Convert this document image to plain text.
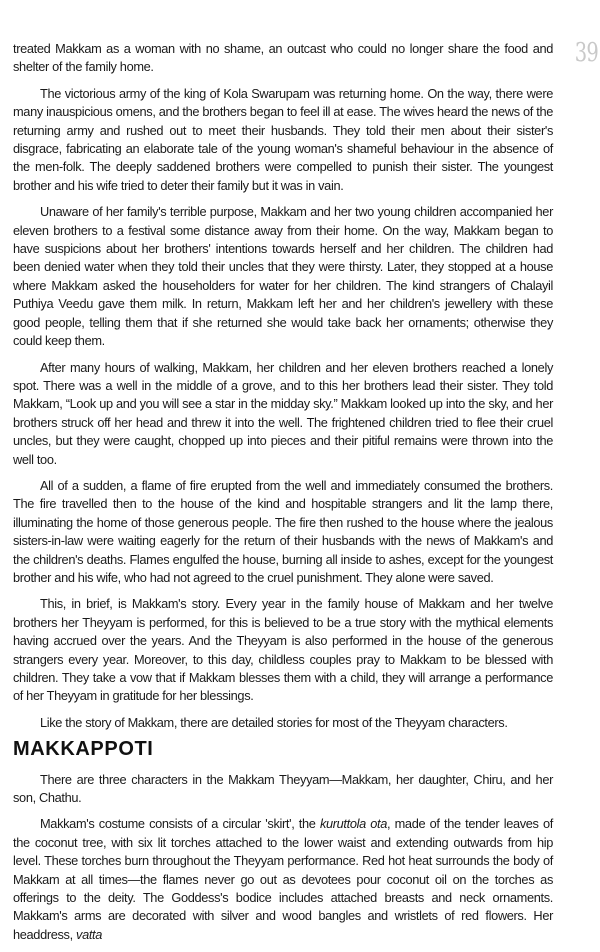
39

treated Makkam as a woman with no shame, an outcast who could no longer share the food and shelter of the family home.

The victorious army of the king of Kola Swarupam was returning home. On the way, there were many inauspicious omens, and the brothers began to feel ill at ease. The wives heard the news of the returning army and rushed out to meet their husbands. They told their men about their sister's disgrace, fabricating an elaborate tale of the young woman's shameful behaviour in the absence of the men-folk. The deeply saddened brothers were compelled to punish their sister. The youngest brother and his wife tried to deter their family but it was in vain.

Unaware of her family's terrible purpose, Makkam and her two young children accompanied her eleven brothers to a festival some distance away from their home. On the way, Makkam began to have suspicions about her brothers' intentions towards herself and her children. The children had been denied water when they told their uncles that they were thirsty. Later, they stopped at a house where Makkam asked the householders for water for her children. The kind strangers of Chalayil Puthiya Veedu gave them milk. In return, Makkam left her and her children's jewellery with these good people, telling them that if she returned she would take back her ornaments; otherwise they could keep them.

After many hours of walking, Makkam, her children and her eleven brothers reached a lonely spot. There was a well in the middle of a grove, and to this her brothers lead their sister. They told Makkam, “Look up and you will see a star in the midday sky.” Makkam looked up into the sky, and her brothers struck off her head and threw it into the well. The frightened children tried to flee their cruel uncles, but they were caught, chopped up into pieces and their pitiful remains were thrown into the well too.

All of a sudden, a flame of fire erupted from the well and immediately consumed the brothers. The fire travelled then to the house of the kind and hospitable strangers and lit the lamp there, illuminating the home of those generous people. The fire then rushed to the house where the jealous sisters-in-law were waiting eagerly for the return of their husbands with the news of Makkam's and the children's deaths. Flames engulfed the house, burning all inside to ashes, except for the youngest brother and his wife, who had not agreed to the cruel punishment. They alone were saved.

This, in brief, is Makkam's story. Every year in the family house of Makkam and her twelve brothers her Theyyam is performed, for this is believed to be a true story with the mythical elements having accrued over the years. And the Theyyam is also performed in the house of the generous strangers every year. Moreover, to this day, childless couples pray to Makkam to be blessed with children. They take a vow that if Makkam blesses them with a child, they will arrange a performance of her Theyyam in gratitude for her blessings.

Like the story of Makkam, there are detailed stories for most of the Theyyam characters.

MAKKAPPOTI

There are three characters in the Makkam Theyyam—Makkam, her daughter, Chiru, and her son, Chathu.

Makkam's costume consists of a circular 'skirt', the kuruttola ota, made of the tender leaves of the coconut tree, with six lit torches attached to the lower waist and extending outwards from hip level. These torches burn throughout the Theyyam performance. Red hot heat surrounds the body of Makkam at all times—the flames never go out as devotees pour coconut oil on the torches as offerings to the deity. The Goddess's bodice includes attached breasts and neck ornaments. Makkam's arms are decorated with silver and wood bangles and wristlets of red flowers. Her headdress, vatta
